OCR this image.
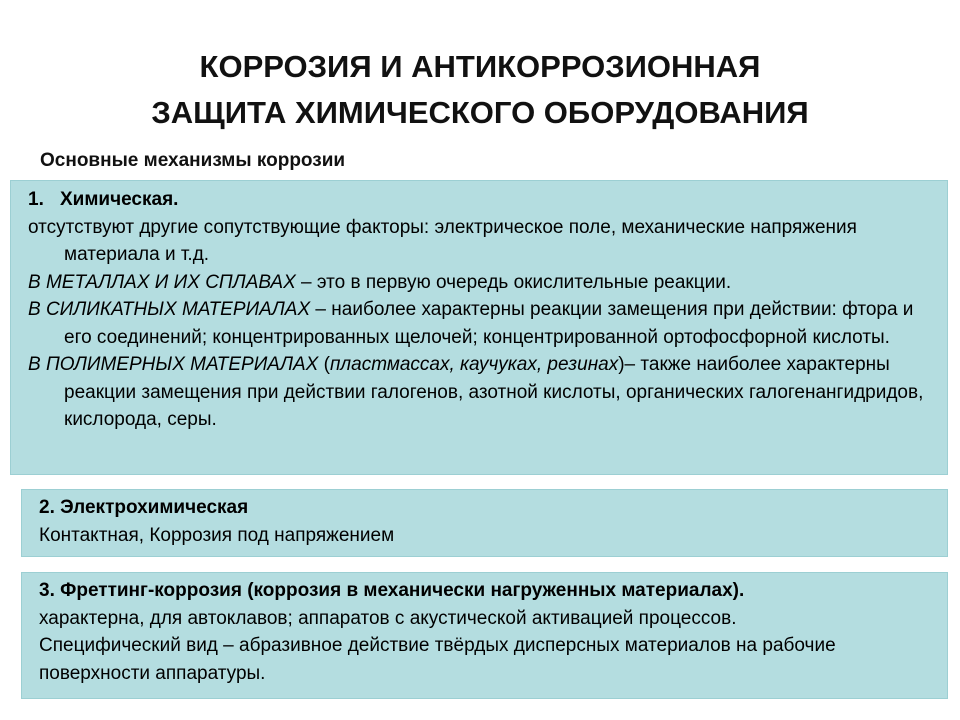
КОРРОЗИЯ И АНТИКОРРОЗИОННАЯ
ЗАЩИТА ХИМИЧЕСКОГО ОБОРУДОВАНИЯ
Основные механизмы коррозии

1. Химическая.

отсутствуют другие сопутствующие факторы: электрическое поле, механические напряжения материала и т.д.

В МЕТАЛЛАХ И ИХ СПЛАВАХ – это в первую очередь окислительные реакции.

В СИЛИКАТНЫХ МАТЕРИАЛАХ – наиболее характерны реакции замещения при действии: фтора и его соединений; концентрированных щелочей; концентрированной ортофосфорной кислоты.

В ПОЛИМЕРНЫХ МАТЕРИАЛАХ (пластмассах, каучуках, резинах)– также наиболее характерны реакции замещения при действии галогенов, азотной кислоты, органических галогенангидридов, кислорода, серы.

2. Электрохимическая

Контактная, Коррозия под напряжением

3. Фреттинг-коррозия (коррозия в механически нагруженных материалах).

характерна, для автоклавов; аппаратов с акустической активацией процессов.

Специфический вид – абразивное действие твёрдых дисперсных материалов на рабочие поверхности аппаратуры.
